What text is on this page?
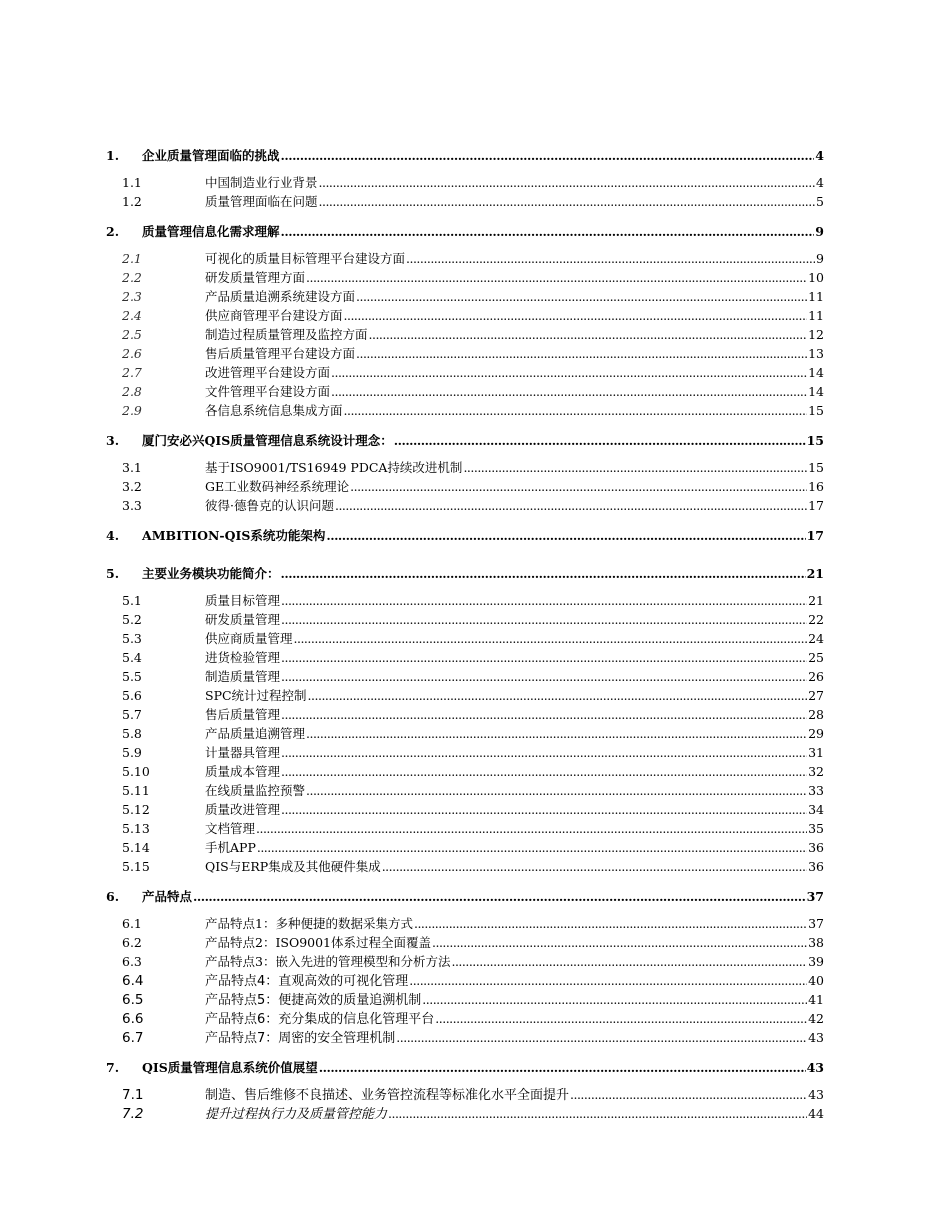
1.	企业质量管理面临的挑战 .....	4
1.1	中国制造业行业背景 .....	4
1.2	质量管理面临在问题 .....	5
2.	质量管理信息化需求理解 .....	9
2.1	可视化的质量目标管理平台建设方面 .....	9
2.2	研发质量管理方面 .....	10
2.3	产品质量追溯系统建设方面 .....	11
2.4	供应商管理平台建设方面 .....	11
2.5	制造过程质量管理及监控方面 .....	12
2.6	售后质量管理平台建设方面 .....	13
2.7	改进管理平台建设方面 .....	14
2.8	文件管理平台建设方面 .....	14
2.9	各信息系统信息集成方面 .....	15
3.	厦门安必兴QIS质量管理信息系统设计理念： .....	15
3.1	基于ISO9001/TS16949 PDCA持续改进机制 .....	15
3.2	GE工业数码神经系统理论 .....	16
3.3	彼得·德鲁克的认识问题 .....	17
4.	AMBITION-QIS系统功能架构 .....	17
5.	主要业务模块功能简介： .....	21
5.1	质量目标管理 .....	21
5.2	研发质量管理 .....	22
5.3	供应商质量管理 .....	24
5.4	进货检验管理 .....	25
5.5	制造质量管理 .....	26
5.6	SPC统计过程控制 .....	27
5.7	售后质量管理 .....	28
5.8	产品质量追溯管理 .....	29
5.9	计量器具管理 .....	31
5.10	质量成本管理 .....	32
5.11	在线质量监控预警 .....	33
5.12	质量改进管理 .....	34
5.13	文档管理 .....	35
5.14	手机APP .....	36
5.15	QIS与ERP集成及其他硬件集成 .....	36
6.	产品特点 .....	37
6.1	产品特点1：多种便捷的数据采集方式 .....	37
6.2	产品特点2：ISO9001体系过程全面覆盖 .....	38
6.3	产品特点3：嵌入先进的管理模型和分析方法 .....	39
6.4	产品特点4：直观高效的可视化管理 .....	40
6.5	产品特点5：便捷高效的质量追溯机制 .....	41
6.6	产品特点6：充分集成的信息化管理平台 .....	42
6.7	产品特点7：周密的安全管理机制 .....	43
7.	QIS质量管理信息系统价值展望 .....	43
7.1	制造、售后维修不良描述、业务管控流程等标准化水平全面提升 .....	43
7.2	提升过程执行力及质量管控能力 .....	44
